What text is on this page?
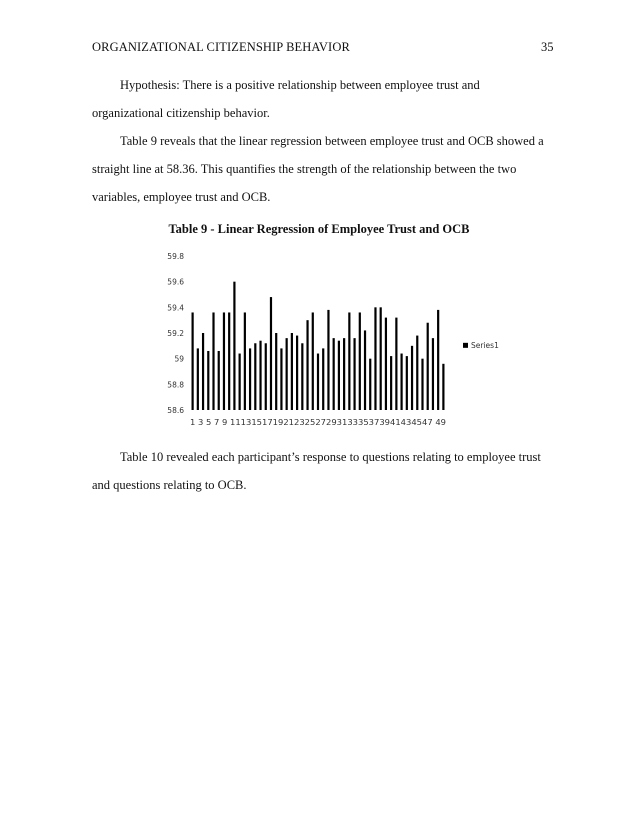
ORGANIZATIONAL CITIZENSHIP BEHAVIOR	35
Hypothesis: There is a positive relationship between employee trust and
organizational citizenship behavior.
Table 9 reveals that the linear regression between employee trust and OCB showed a
straight line at 58.36. This quantifies the strength of the relationship between the two
variables, employee trust and OCB.
Table 9 - Linear Regression of Employee Trust and OCB
58.6
58.8
59
59.2
59.4
59.6
59.8
1 3 5 7 9 11131517192123252729313335373941434547 49
Series1
Table 10 revealed each participant’s response to questions relating to employee trust
and questions relating to OCB.
